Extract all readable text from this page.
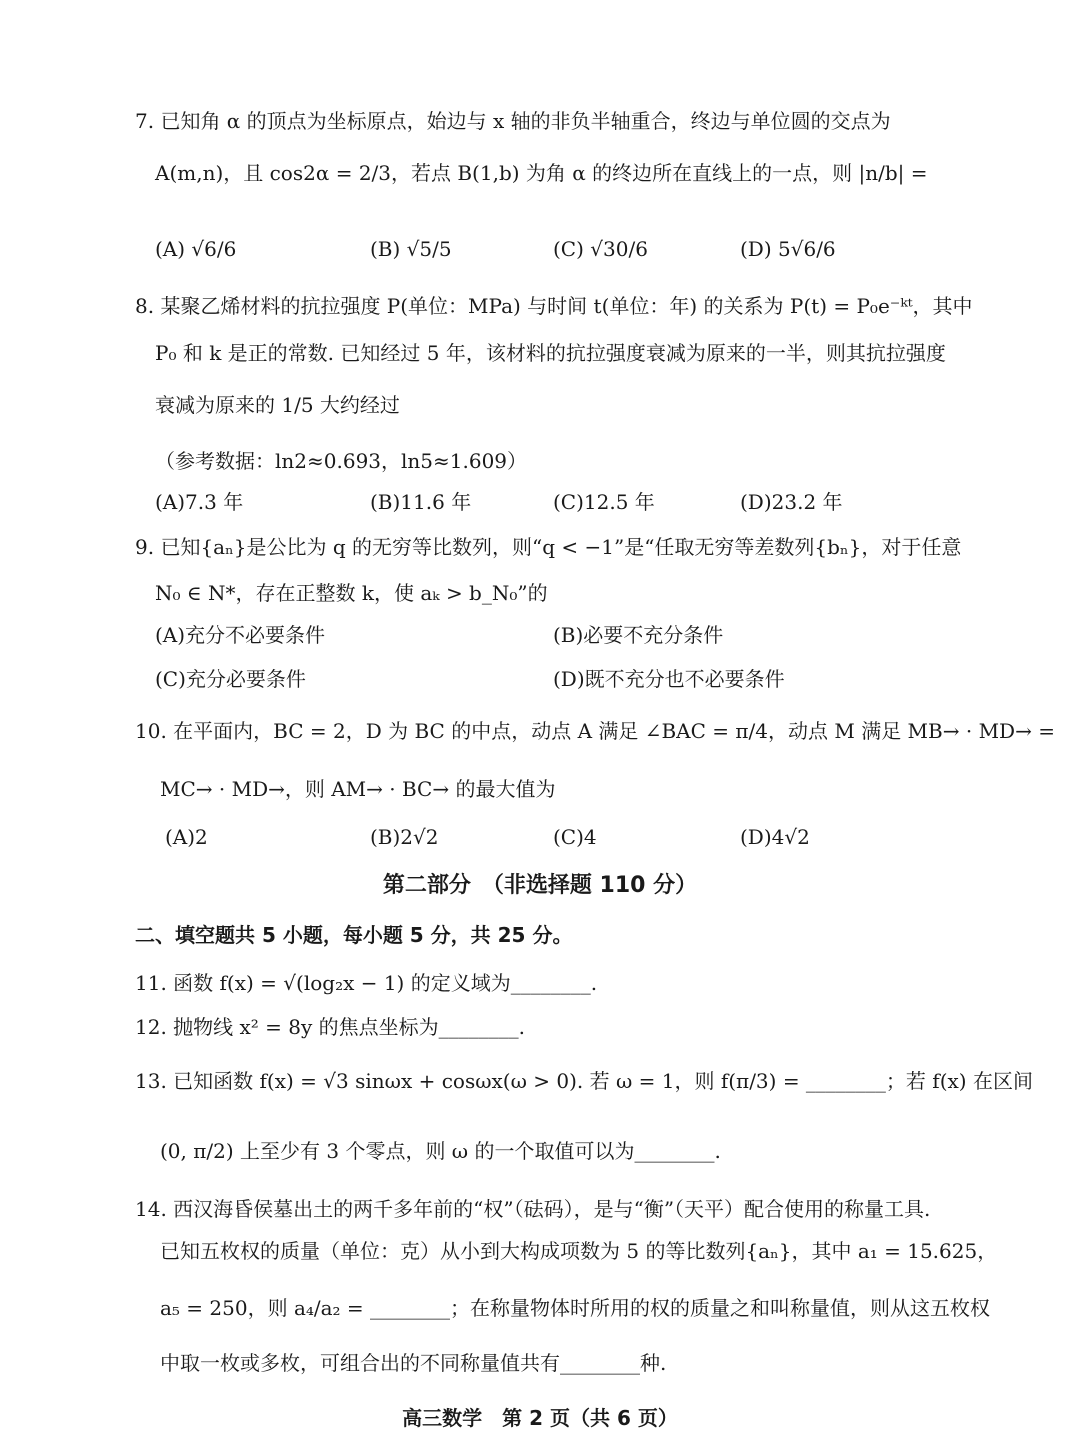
7. 已知角 α 的顶点为坐标原点，始边与 x 轴的非负半轴重合，终边与单位圆的交点为
A(m,n)，且 cos2α = 2/3，若点 B(1,b) 为角 α 的终边所在直线上的一点，则 |n/b| =
(A) √6/6	(B) √5/5	(C) √30/6	(D) 5√6/6
8. 某聚乙烯材料的抗拉强度 P(单位：MPa) 与时间 t(单位：年) 的关系为 P(t) = P₀e⁻ᵏᵗ，其中
P₀ 和 k 是正的常数. 已知经过 5 年，该材料的抗拉强度衰减为原来的一半，则其抗拉强度
衰减为原来的 1/5 大约经过
（参考数据：ln2≈0.693，ln5≈1.609）
(A)7.3 年	(B)11.6 年	(C)12.5 年	(D)23.2 年
9. 已知{aₙ}是公比为 q 的无穷等比数列，则“q < −1”是“任取无穷等差数列{bₙ}，对于任意
N₀ ∈ N*，存在正整数 k，使 aₖ > b_N₀”的
(A)充分不必要条件	(B)必要不充分条件
(C)充分必要条件	(D)既不充分也不必要条件
10. 在平面内，BC = 2，D 为 BC 的中点，动点 A 满足 ∠BAC = π/4，动点 M 满足 MB→ · MD→ =
MC→ · MD→，则 AM→ · BC→ 的最大值为
(A)2	(B)2√2	(C)4	(D)4√2
第二部分　（非选择题 110 分）
二、填空题共 5 小题，每小题 5 分，共 25 分。
11. 函数 f(x) = √(log₂x − 1) 的定义域为________.
12. 抛物线 x² = 8y 的焦点坐标为________.
13. 已知函数 f(x) = √3 sinωx + cosωx(ω > 0). 若 ω = 1，则 f(π/3) = ________；若 f(x) 在区间
(0, π/2) 上至少有 3 个零点，则 ω 的一个取值可以为________.
14. 西汉海昏侯墓出土的两千多年前的“权”（砝码），是与“衡”（天平）配合使用的称量工具.
已知五枚权的质量（单位：克）从小到大构成项数为 5 的等比数列{aₙ}，其中 a₁ = 15.625，
a₅ = 250，则 a₄/a₂ = ________；在称量物体时所用的权的质量之和叫称量值，则从这五枚权
中取一枚或多枚，可组合出的不同称量值共有________种.
高三数学　第 2 页（共 6 页）
